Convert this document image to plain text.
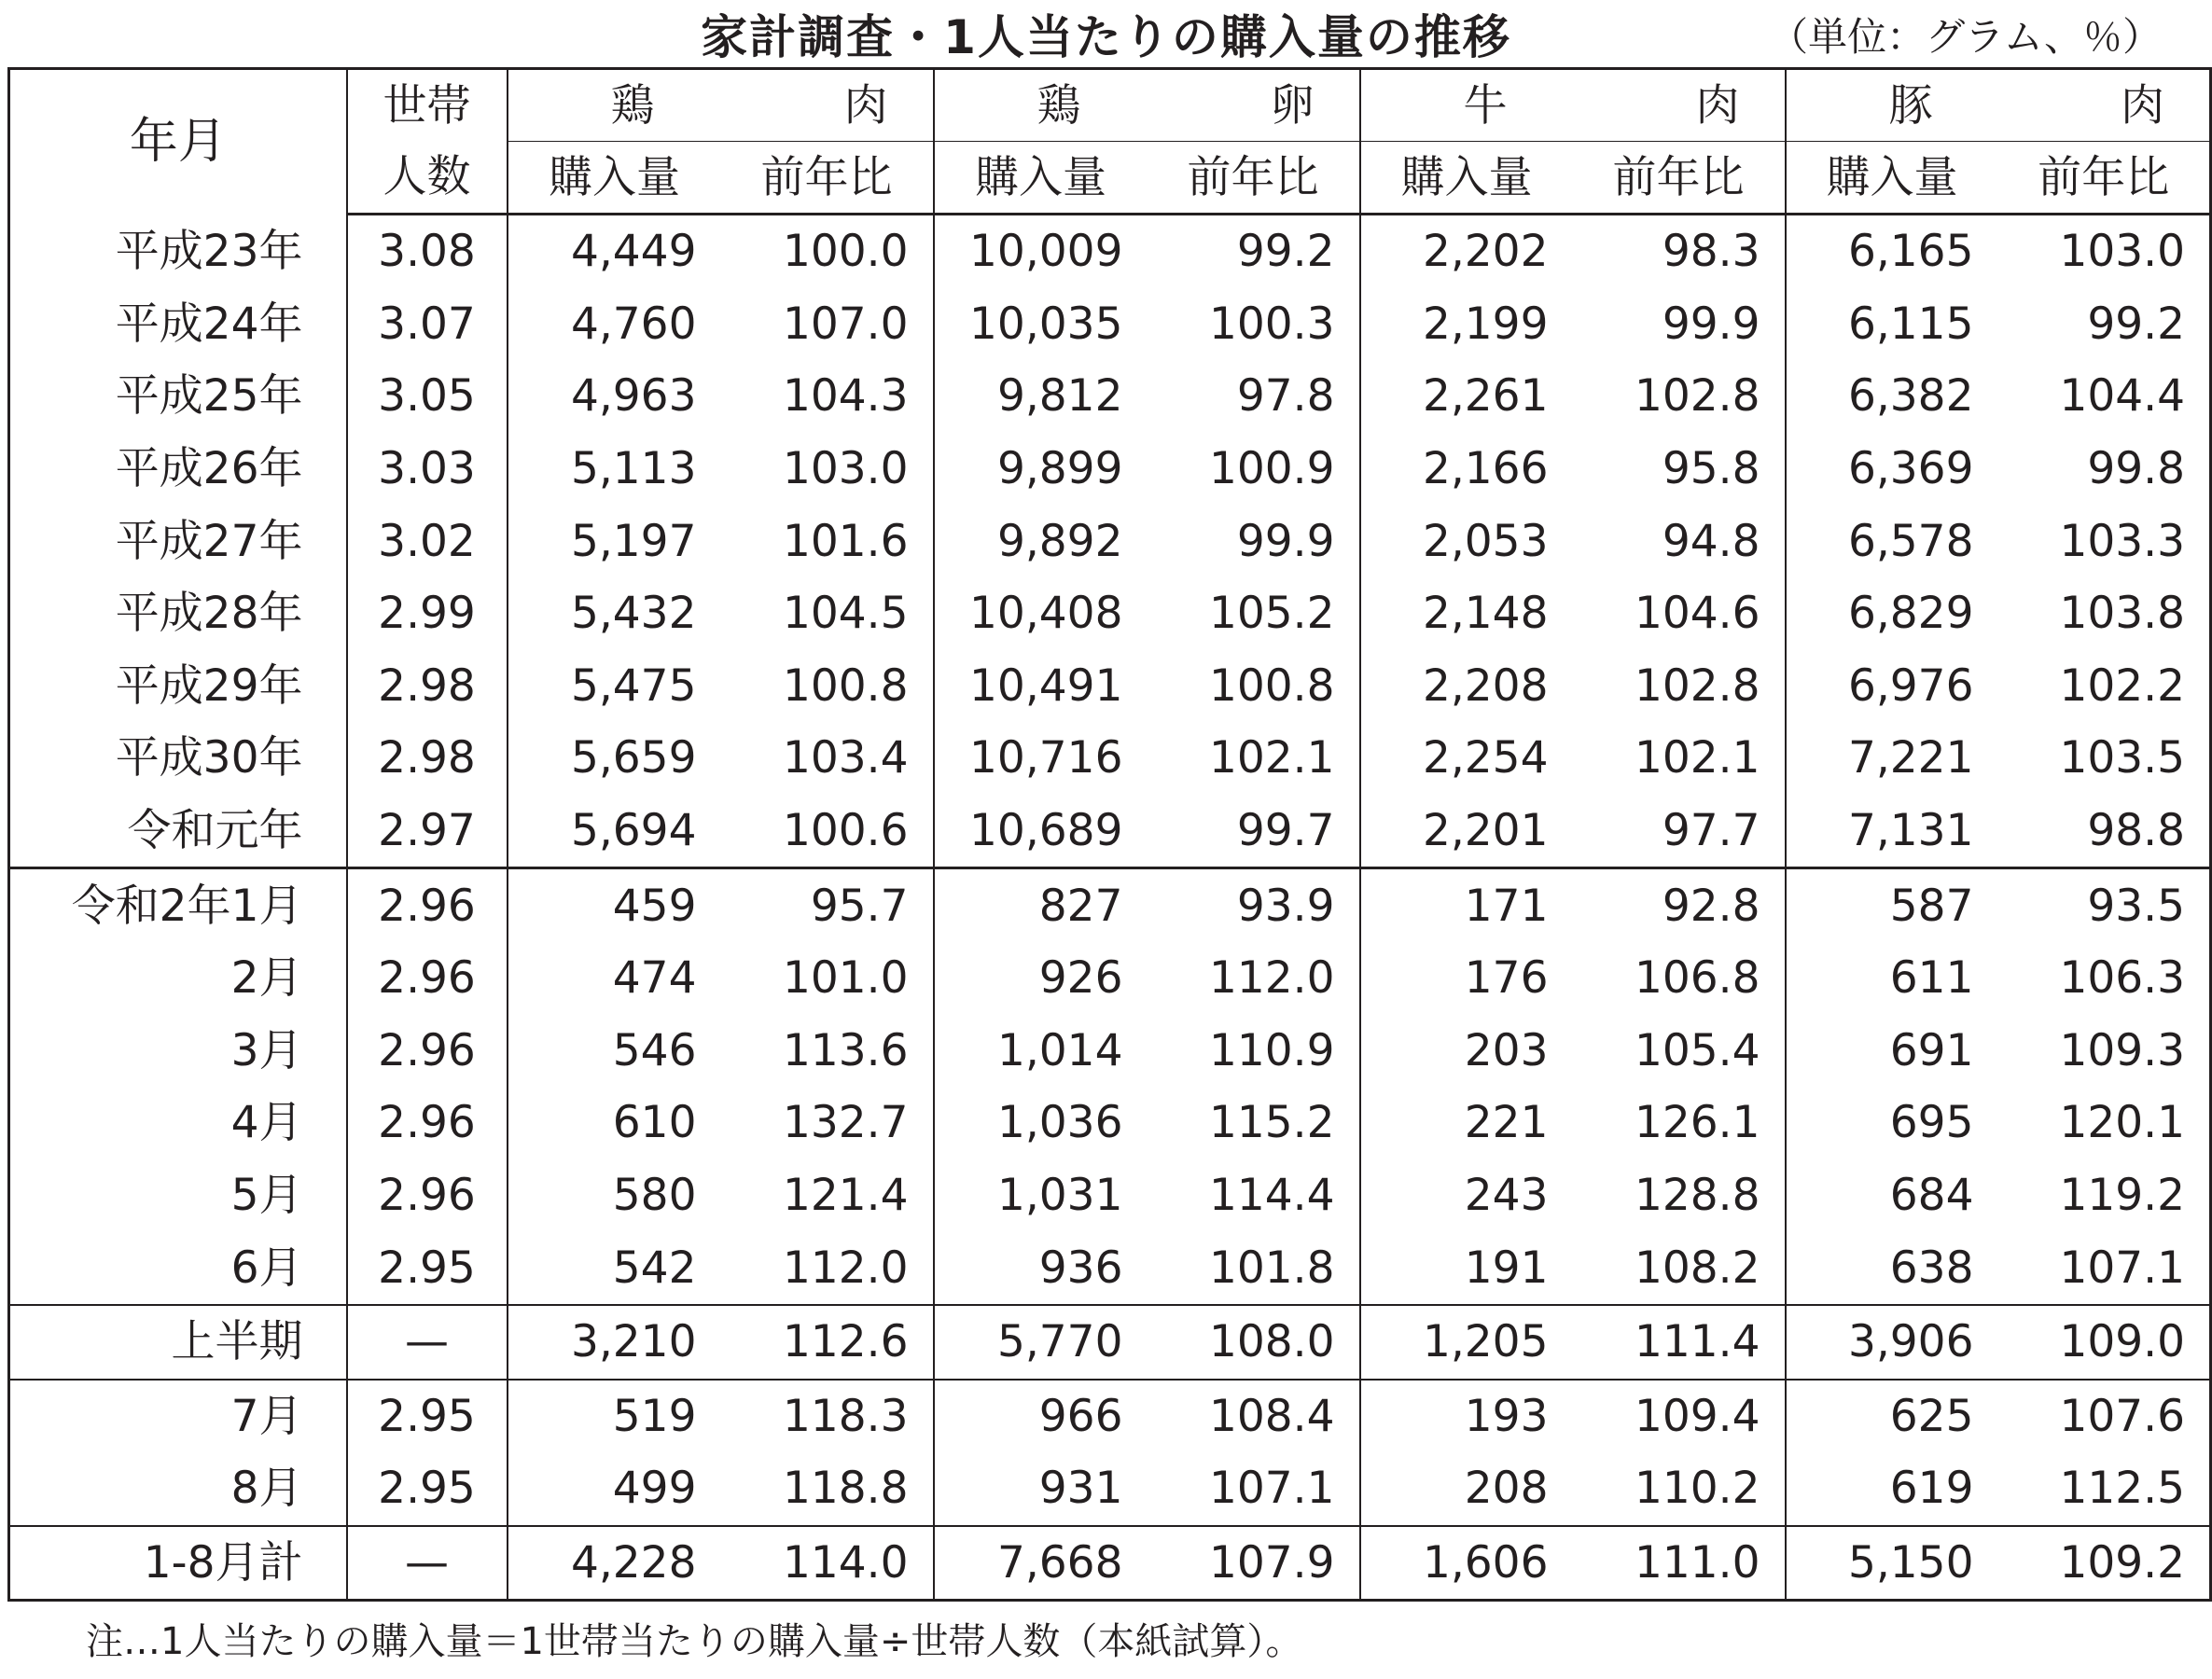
家計調査・1人当たりの購入量の推移	（単位：グラム、％）
年月	世帯	鶏 肉		鶏 卵		牛 肉		豚 肉	

	人数	購入量	前年比	購入量	前年比	購入量	前年比	購入量	前年比
平成23年	3.08	4,449	100.0	10,009	99.2	2,202	98.3	6,165	103.0
平成24年	3.07	4,760	107.0	10,035	100.3	2,199	99.9	6,115	99.2
平成25年	3.05	4,963	104.3	9,812	97.8	2,261	102.8	6,382	104.4
平成26年	3.03	5,113	103.0	9,899	100.9	2,166	95.8	6,369	99.8
平成27年	3.02	5,197	101.6	9,892	99.9	2,053	94.8	6,578	103.3
平成28年	2.99	5,432	104.5	10,408	105.2	2,148	104.6	6,829	103.8
平成29年	2.98	5,475	100.8	10,491	100.8	2,208	102.8	6,976	102.2
平成30年	2.98	5,659	103.4	10,716	102.1	2,254	102.1	7,221	103.5
令和元年	2.97	5,694	100.6	10,689	99.7	2,201	97.7	7,131	98.8
令和2年1月	2.96	459	95.7	827	93.9	171	92.8	587	93.5
2月	2.96	474	101.0	926	112.0	176	106.8	611	106.3
3月	2.96	546	113.6	1,014	110.9	203	105.4	691	109.3
4月	2.96	610	132.7	1,036	115.2	221	126.1	695	120.1
5月	2.96	580	121.4	1,031	114.4	243	128.8	684	119.2
6月	2.95	542	112.0	936	101.8	191	108.2	638	107.1
上半期	—	3,210	112.6	5,770	108.0	1,205	111.4	3,906	109.0
7月	2.95	519	118.3	966	108.4	193	109.4	625	107.6
8月	2.95	499	118.8	931	107.1	208	110.2	619	112.5
1-8月計	—	4,228	114.0	7,668	107.9	1,606	111.0	5,150	109.2
注…1人当たりの購入量＝1世帯当たりの購入量÷世帯人数（本紙試算）。
